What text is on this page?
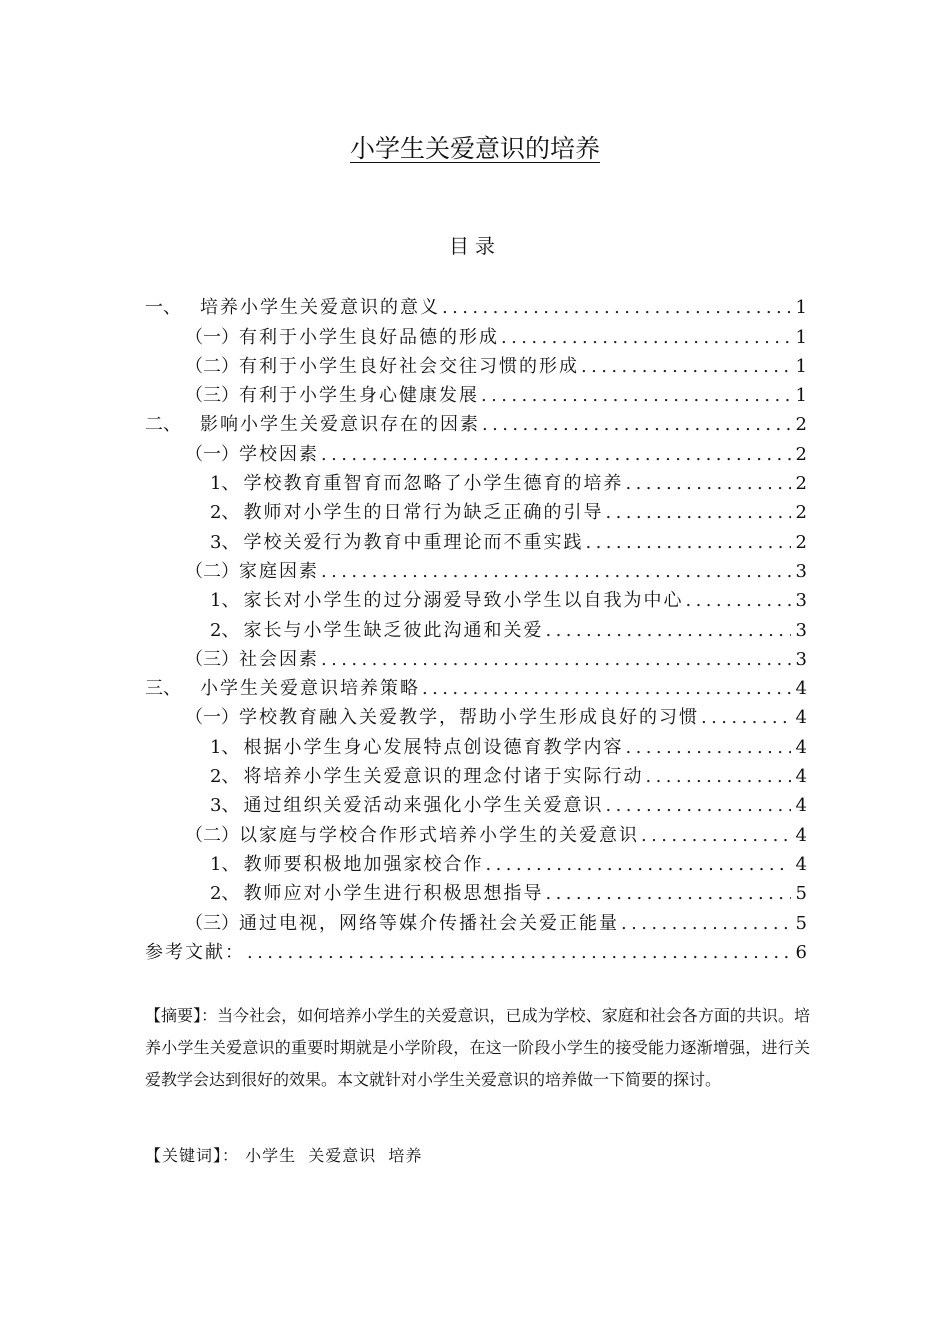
小学生关爱意识的培养
目录
一、	培养小学生关爱意识的意义 .....	1
（一） 有利于小学生良好品德的形成 .....	1
（二） 有利于小学生良好社会交往习惯的形成 .....	1
（三） 有利于小学生身心健康发展 .....	1
二、	影响小学生关爱意识存在的因素 .....	2
（一） 学校因素 .....	2
1、 学校教育重智育而忽略了小学生德育的培养 .....	2
2、 教师对小学生的日常行为缺乏正确的引导 .....	2
3、 学校关爱行为教育中重理论而不重实践 .....	2
（二） 家庭因素 .....	3
1、 家长对小学生的过分溺爱导致小学生以自我为中心 .....	3
2、 家长与小学生缺乏彼此沟通和关爱 .....	3
（三） 社会因素 .....	3
三、	小学生关爱意识培养策略 .....	4
（一） 学校教育融入关爱教学，帮助小学生形成良好的习惯 .....	4
1、 根据小学生身心发展特点创设德育教学内容 .....	4
2、 将培养小学生关爱意识的理念付诸于实际行动 .....	4
3、 通过组织关爱活动来强化小学生关爱意识 .....	4
（二） 以家庭与学校合作形式培养小学生的关爱意识 .....	4
1、 教师要积极地加强家校合作 .....	4
2、 教师应对小学生进行积极思想指导 .....	5
（三） 通过电视，网络等媒介传播社会关爱正能量 .....	5
参考文献： .....	6
【摘要】：当今社会，如何培养小学生的关爱意识，已成为学校、家庭和社会各方面的共识。培养小学生关爱意识的重要时期就是小学阶段，在这一阶段小学生的接受能力逐渐增强，进行关爱教学会达到很好的效果。本文就针对小学生关爱意识的培养做一下简要的探讨。
【关键词】： 小学生 关爱意识 培养
